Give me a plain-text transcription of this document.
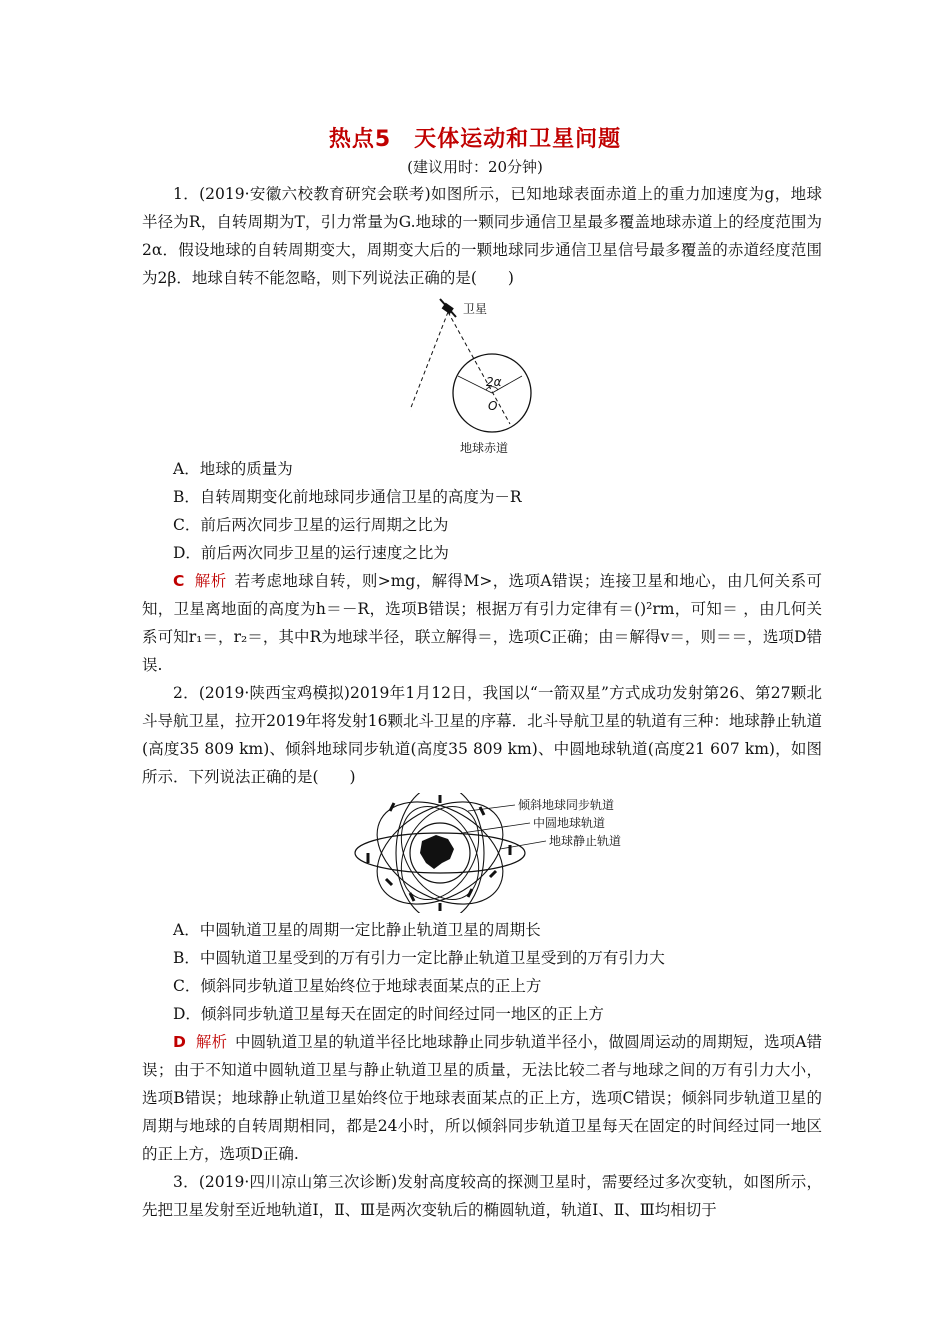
热点5　天体运动和卫星问题
(建议用时：20分钟)
1．(2019·安徽六校教育研究会联考)如图所示，已知地球表面赤道上的重力加速度为g，地球半径为R，自转周期为T，引力常量为G.地球的一颗同步通信卫星最多覆盖地球赤道上的经度范围为2α．假设地球的自转周期变大，周期变大后的一颗地球同步通信卫星信号最多覆盖的赤道经度范围为2β．地球自转不能忽略，则下列说法正确的是(　　)
卫星
2α
O
地球赤道
A．地球的质量为
B．自转周期变化前地球同步通信卫星的高度为－R
C．前后两次同步卫星的运行周期之比为
D．前后两次同步卫星的运行速度之比为
C 解析 若考虑地球自转，则>mg，解得M>，选项A错误；连接卫星和地心，由几何关系可知，卫星离地面的高度为h＝－R，选项B错误；根据万有引力定律有＝()²rm，可知＝ ，由几何关系可知r₁＝，r₂＝，其中R为地球半径，联立解得＝，选项C正确；由＝解得v＝，则＝＝，选项D错误.
2．(2019·陕西宝鸡模拟)2019年1月12日，我国以“一箭双星”方式成功发射第26、第27颗北斗导航卫星，拉开2019年将发射16颗北斗卫星的序幕．北斗导航卫星的轨道有三种：地球静止轨道(高度35 809 km)、倾斜地球同步轨道(高度35 809 km)、中圆地球轨道(高度21 607 km)，如图所示．下列说法正确的是(　　)
倾斜地球同步轨道
中圆地球轨道
地球静止轨道
A．中圆轨道卫星的周期一定比静止轨道卫星的周期长
B．中圆轨道卫星受到的万有引力一定比静止轨道卫星受到的万有引力大
C．倾斜同步轨道卫星始终位于地球表面某点的正上方
D．倾斜同步轨道卫星每天在固定的时间经过同一地区的正上方
D 解析 中圆轨道卫星的轨道半径比地球静止同步轨道半径小，做圆周运动的周期短，选项A错误；由于不知道中圆轨道卫星与静止轨道卫星的质量，无法比较二者与地球之间的万有引力大小，选项B错误；地球静止轨道卫星始终位于地球表面某点的正上方，选项C错误；倾斜同步轨道卫星的周期与地球的自转周期相同，都是24小时，所以倾斜同步轨道卫星每天在固定的时间经过同一地区的正上方，选项D正确.
3．(2019·四川凉山第三次诊断)发射高度较高的探测卫星时，需要经过多次变轨，如图所示，先把卫星发射至近地轨道Ⅰ，Ⅱ、Ⅲ是两次变轨后的椭圆轨道，轨道Ⅰ、Ⅱ、Ⅲ均相切于
